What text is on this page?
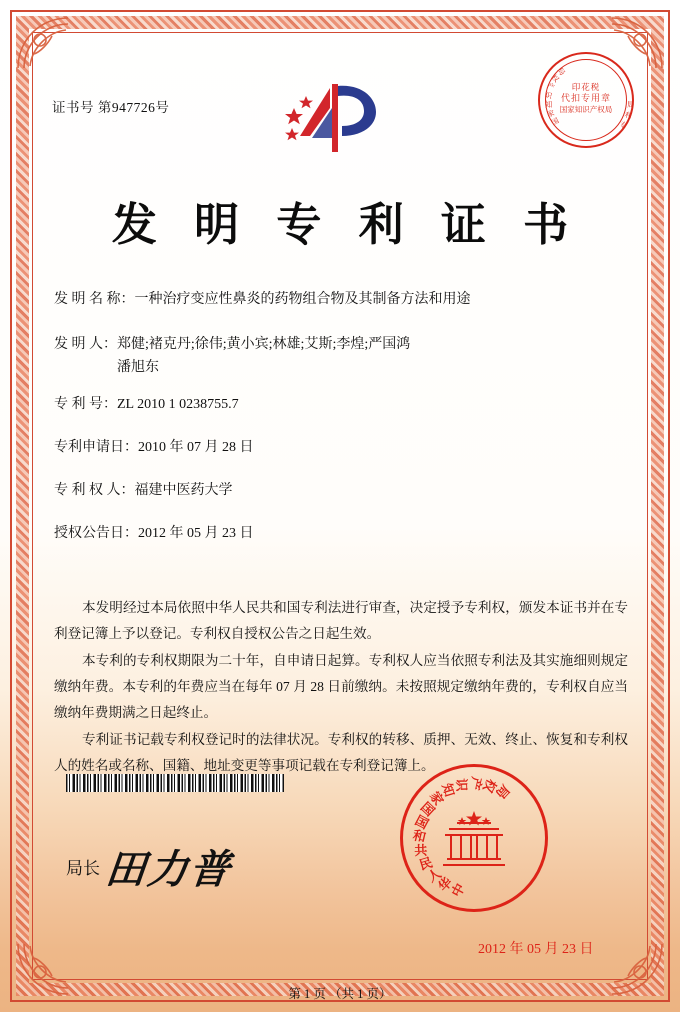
证书号 第947726号
国
家
知
识
产
权
局
专
利
局
印花税
代扣专用章
国家知识产权局
发 明 专 利 证 书
发 明 名 称： 一种治疗变应性鼻炎的药物组合物及其制备方法和用途
发 明 人： 郑健;褚克丹;徐伟;黄小宾;林雄;艾斯;李煌;严国鸿
潘旭东
专 利 号： ZL 2010 1 0238755.7
专利申请日： 2010 年 07 月 28 日
专 利 权 人： 福建中医药大学
授权公告日： 2012 年 05 月 23 日

本发明经过本局依照中华人民共和国专利法进行审查，决定授予专利权，颁发本证书并在专利登记簿上予以登记。专利权自授权公告之日起生效。

本专利的专利权期限为二十年，自申请日起算。专利权人应当依照专利法及其实施细则规定缴纳年费。本专利的年费应当在每年 07 月 28 日前缴纳。未按照规定缴纳年费的，专利权自应当缴纳年费期满之日起终止。

专利证书记载专利权登记时的法律状况。专利权的转移、质押、无效、终止、恢复和专利权人的姓名或名称、国籍、地址变更等事项记载在专利登记簿上。

局长 田力普	中
华
人
民
共
和
国
国
家
知
识
产
权
局
2012 年 05 月 23 日
第 1 页 （共 1 页）
